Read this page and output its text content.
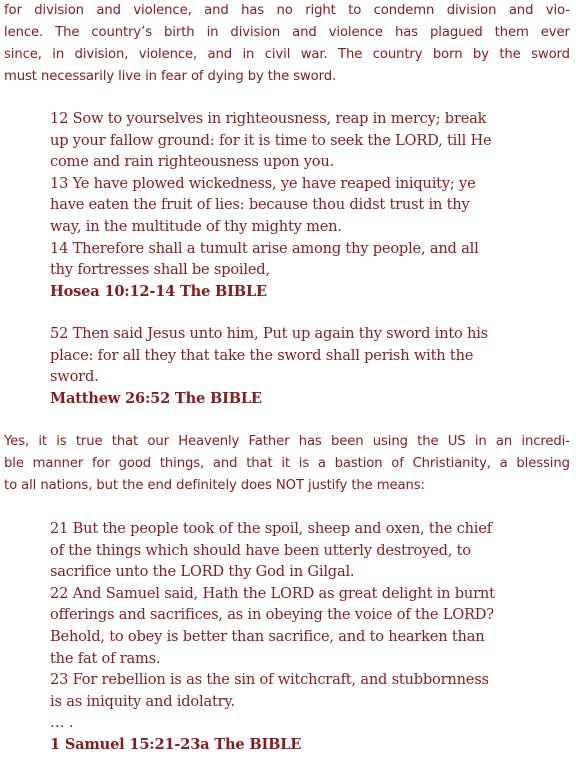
for division and violence, and has no right to condemn division and vio-
lence. The country’s birth in division and violence has plagued them ever
since, in division, violence, and in civil war. The country born by the sword
must necessarily live in fear of dying by the sword.
12 Sow to yourselves in righteousness, reap in mercy; break
up your fallow ground: for it is time to seek the LORD, till He
come and rain righteousness upon you.
13 Ye have plowed wickedness, ye have reaped iniquity; ye
have eaten the fruit of lies: because thou didst trust in thy
way, in the multitude of thy mighty men.
14 Therefore shall a tumult arise among thy people, and all
thy fortresses shall be spoiled,
Hosea 10:12-14 The BIBLE
52 Then said Jesus unto him, Put up again thy sword into his
place: for all they that take the sword shall perish with the
sword.
Matthew 26:52 The BIBLE
Yes, it is true that our Heavenly Father has been using the US in an incredi-
ble manner for good things, and that it is a bastion of Christianity, a blessing
to all nations, but the end definitely does NOT justify the means:
21 But the people took of the spoil, sheep and oxen, the chief
of the things which should have been utterly destroyed, to
sacrifice unto the LORD thy God in Gilgal.
22 And Samuel said, Hath the LORD as great delight in burnt
offerings and sacrifices, as in obeying the voice of the LORD?
Behold, to obey is better than sacrifice, and to hearken than
the fat of rams.
23 For rebellion is as the sin of witchcraft, and stubbornness
is as iniquity and idolatry.
… .
1 Samuel 15:21-23a The BIBLE
